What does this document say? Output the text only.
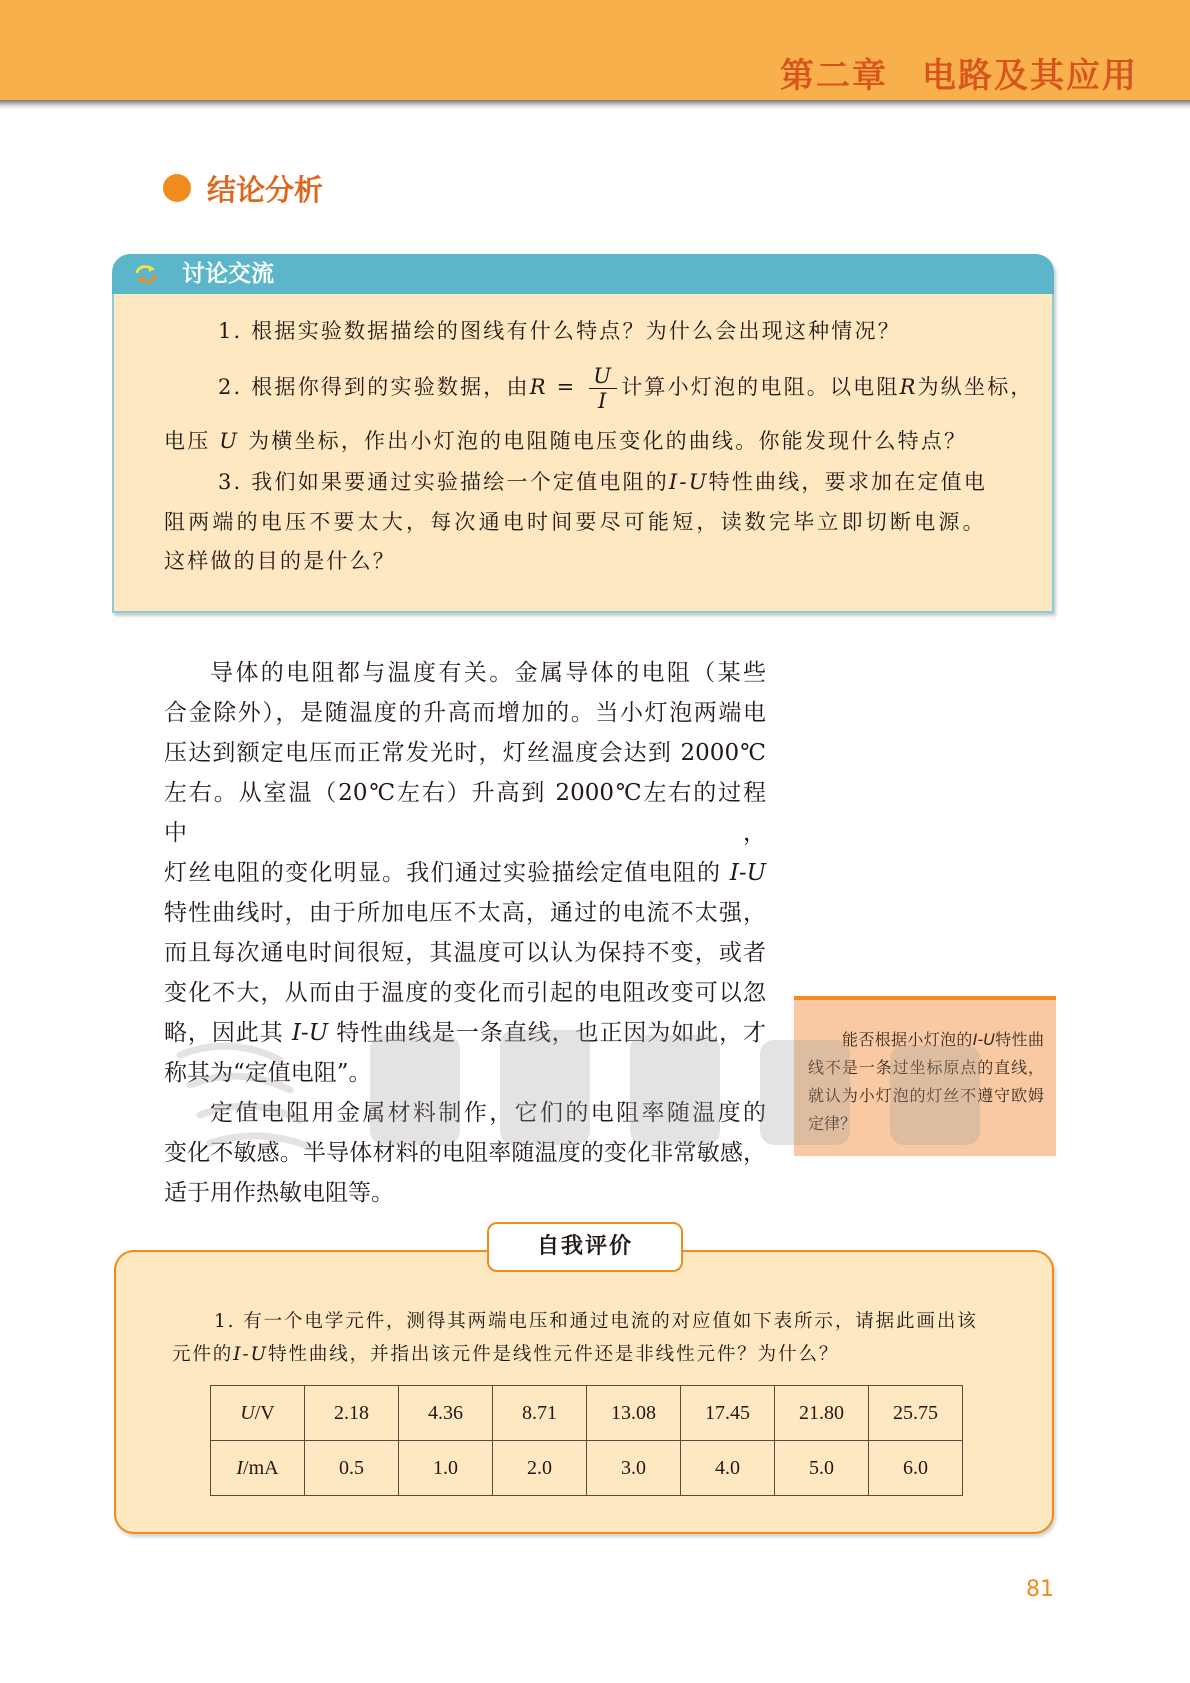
第二章 电路及其应用
结论分析
讨论交流
1. 根据实验数据描绘的图线有什么特点？为什么会出现这种情况？
2. 根据你得到的实验数据，由$R = \frac{U}{I}$ 计算小灯泡的电阻。以电阻R为纵坐标，
电压 U 为横坐标，作出小灯泡的电阻随电压变化的曲线。你能发现什么特点？
3. 我们如果要通过实验描绘一个定值电阻的I-U特性曲线，要求加在定值电
阻两端的电压不要太大，每次通电时间要尽可能短，读数完毕立即切断电源。
这样做的目的是什么？

导体的电阻都与温度有关。金属导体的电阻（某些

合金除外），是随温度的升高而增加的。当小灯泡两端电

压达到额定电压而正常发光时，灯丝温度会达到 2000℃

左右。从室温（20℃左右）升高到 2000℃左右的过程中，

灯丝电阻的变化明显。我们通过实验描绘定值电阻的 I-U

特性曲线时，由于所加电压不太高，通过的电流不太强，

而且每次通电时间很短，其温度可以认为保持不变，或者

变化不大，从而由于温度的变化而引起的电阻改变可以忽

略，因此其 I-U 特性曲线是一条直线，也正因为如此，才

称其为“定值电阻”。

定值电阻用金属材料制作，它们的电阻率随温度的

变化不敏感。半导体材料的电阻率随温度的变化非常敏感，

适于用作热敏电阻等。

能否根据小灯泡的I-U特性曲线不是一条过坐标原点的直线，就认为小灯泡的灯丝不遵守欧姆定律？
自我评价
1. 有一个电学元件，测得其两端电压和通过电流的对应值如下表所示，请据此画出该
元件的I-U特性曲线，并指出该元件是线性元件还是非线性元件？为什么？
U/V	2.18	4.36	8.71	13.08	17.45	21.80	25.75
I/mA	0.5	1.0	2.0	3.0	4.0	5.0	6.0
81
